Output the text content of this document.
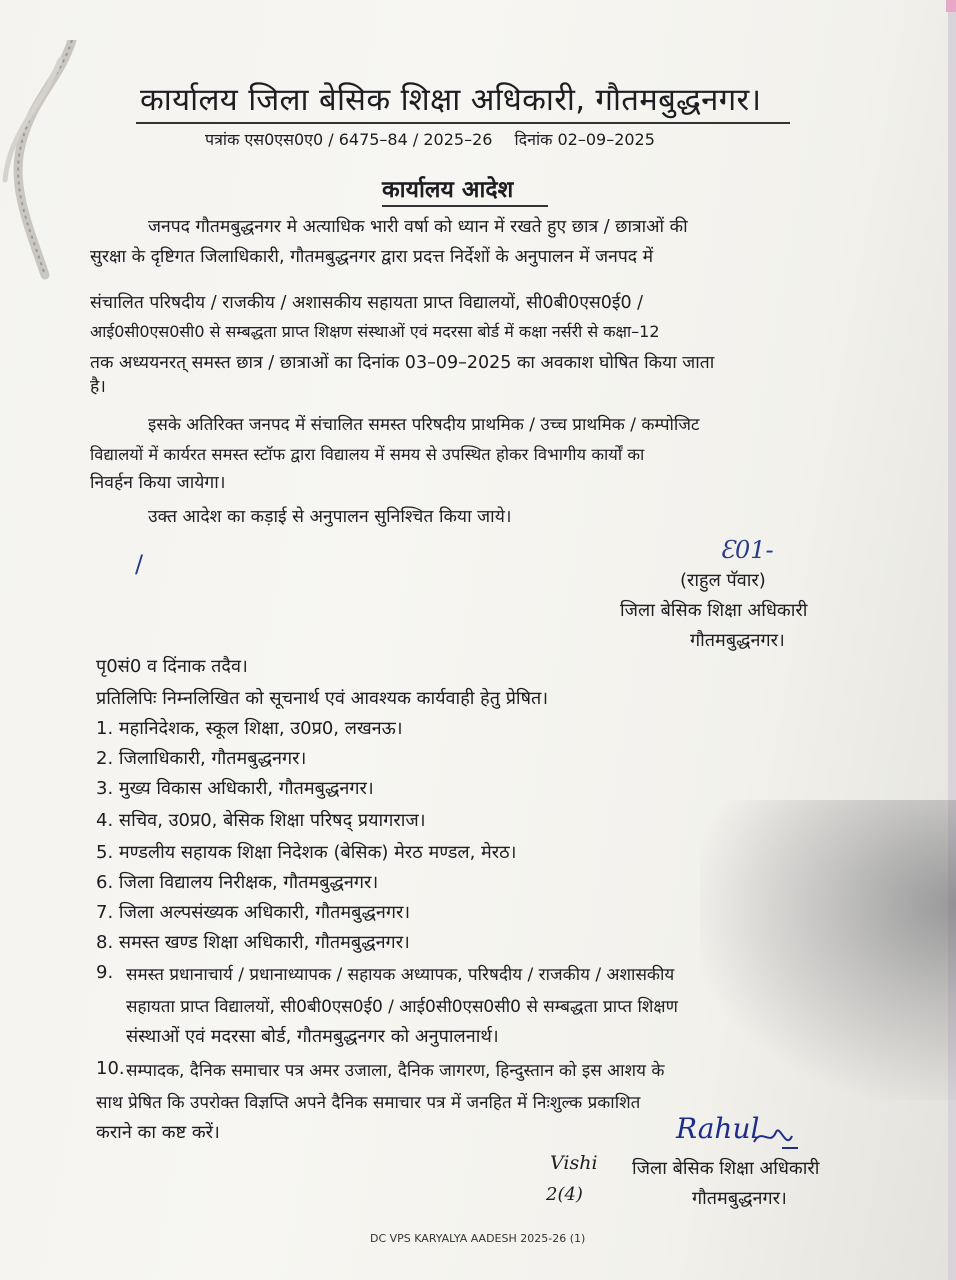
कार्यालय जिला बेसिक शिक्षा अधिकारी, गौतमबुद्धनगर।
पत्रांक एस0एस0ए0 / 6475–84 / 2025–26 दिनांक 02–09–2025
कार्यालय आदेश
जनपद गौतमबुद्धनगर मे अत्याधिक भारी वर्षा को ध्यान में रखते हुए छात्र / छात्राओं की
सुरक्षा के दृष्टिगत जिलाधिकारी, गौतमबुद्धनगर द्वारा प्रदत्त निर्देशों के अनुपालन में जनपद में
संचालित परिषदीय / राजकीय / अशासकीय सहायता प्राप्त विद्यालयों, सी0बी0एस0ई0 /
आई0सी0एस0सी0 से सम्बद्धता प्राप्त शिक्षण संस्थाओं एवं मदरसा बोर्ड में कक्षा नर्सरी से कक्षा–12
तक अध्ययनरत् समस्त छात्र / छात्राओं का दिनांक 03–09–2025 का अवकाश घोषित किया जाता
है।
इसके अतिरिक्त जनपद में संचालित समस्त परिषदीय प्राथमिक / उच्च प्राथमिक / कम्पोजिट
विद्यालयों में कार्यरत समस्त स्टॉफ द्वारा विद्यालय में समय से उपस्थित होकर विभागीय कार्यों का
निवर्हन किया जायेगा।
उक्त आदेश का कड़ाई से अनुपालन सुनिश्चित किया जाये।
/	Ɛ01-
(राहुल पॅवार)
जिला बेसिक शिक्षा अधिकारी
गौतमबुद्धनगर।
पृ0सं0 व दिंनाक तदैव।
प्रतिलिपिः निम्नलिखित को सूचनार्थ एवं आवश्यक कार्यवाही हेतु प्रेषित।
1. महानिदेशक, स्कूल शिक्षा, उ0प्र0, लखनऊ।
2. जिलाधिकारी, गौतमबुद्धनगर।
3. मुख्य विकास अधिकारी, गौतमबुद्धनगर।
4. सचिव, उ0प्र0, बेसिक शिक्षा परिषद् प्रयागराज।
5. मण्डलीय सहायक शिक्षा निदेशक (बेसिक) मेरठ मण्डल, मेरठ।
6. जिला विद्यालय निरीक्षक, गौतमबुद्धनगर।
7. जिला अल्पसंख्यक अधिकारी, गौतमबुद्धनगर।
8. समस्त खण्ड शिक्षा अधिकारी, गौतमबुद्धनगर।
9. समस्त प्रधानाचार्य / प्रधानाध्यापक / सहायक अध्यापक, परिषदीय / राजकीय / अशासकीय
सहायता प्राप्त विद्यालयों, सी0बी0एस0ई0 / आई0सी0एस0सी0 से सम्बद्धता प्राप्त शिक्षण
संस्थाओं एवं मदरसा बोर्ड, गौतमबुद्धनगर को अनुपालनार्थ।
10. सम्पादक, दैनिक समाचार पत्र अमर उजाला, दैनिक जागरण, हिन्दुस्तान को इस आशय के
साथ प्रेषित कि उपरोक्त विज्ञप्ति अपने दैनिक समाचार पत्र में जनहित में निःशुल्क प्रकाशित
कराने का कष्ट करें।	Rahul
Vishi
2(4)
जिला बेसिक शिक्षा अधिकारी
गौतमबुद्धनगर।
DC VPS KARYALYA AADESH 2025-26 (1)
